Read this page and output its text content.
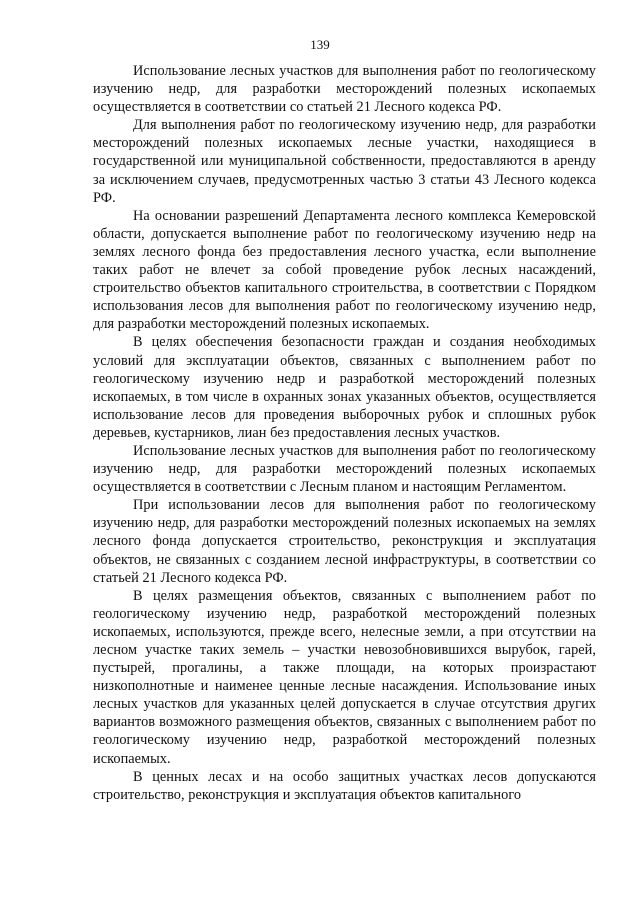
139

Использование лесных участков для выполнения работ по геологическому изучению недр, для разработки месторождений полезных ископаемых осуществляется в соответствии со статьей 21 Лесного кодекса РФ.

Для выполнения работ по геологическому изучению недр, для разработки месторождений полезных ископаемых лесные участки, находящиеся в государственной или муниципальной собственности, предоставляются в аренду за исключением случаев, предусмотренных частью 3 статьи 43 Лесного кодекса РФ.

На основании разрешений Департамента лесного комплекса Кемеровской области, допускается выполнение работ по геологическому изучению недр на землях лесного фонда без предоставления лесного участка, если выполнение таких работ не влечет за собой проведение рубок лесных насаждений, строительство объектов капитального строительства, в соответствии с Порядком использования лесов для выполнения работ по геологическому изучению недр, для разработки месторождений полезных ископаемых.

В целях обеспечения безопасности граждан и создания необходимых условий для эксплуатации объектов, связанных с выполнением работ по геологическому изучению недр и разработкой месторождений полезных ископаемых, в том числе в охранных зонах указанных объектов, осуществляется использование лесов для проведения выборочных рубок и сплошных рубок деревьев, кустарников, лиан без предоставления лесных участков.

Использование лесных участков для выполнения работ по геологическому изучению недр, для разработки месторождений полезных ископаемых осуществляется в соответствии с Лесным планом и настоящим Регламентом.

При использовании лесов для выполнения работ по геологическому изучению недр, для разработки месторождений полезных ископаемых на землях лесного фонда допускается строительство, реконструкция и эксплуатация объектов, не связанных с созданием лесной инфраструктуры, в соответствии со статьей 21 Лесного кодекса РФ.

В целях размещения объектов, связанных с выполнением работ по геологическому изучению недр, разработкой месторождений полезных ископаемых, используются, прежде всего, нелесные земли, а при отсутствии на лесном участке таких земель – участки невозобновившихся вырубок, гарей, пустырей, прогалины, а также площади, на которых произрастают низкополнотные и наименее ценные лесные насаждения. Использование иных лесных участков для указанных целей допускается в случае отсутствия других вариантов возможного размещения объектов, связанных с выполнением работ по геологическому изучению недр, разработкой месторождений полезных ископаемых.

В ценных лесах и на особо защитных участках лесов допускаются строительство, реконструкция и эксплуатация объектов капитального
